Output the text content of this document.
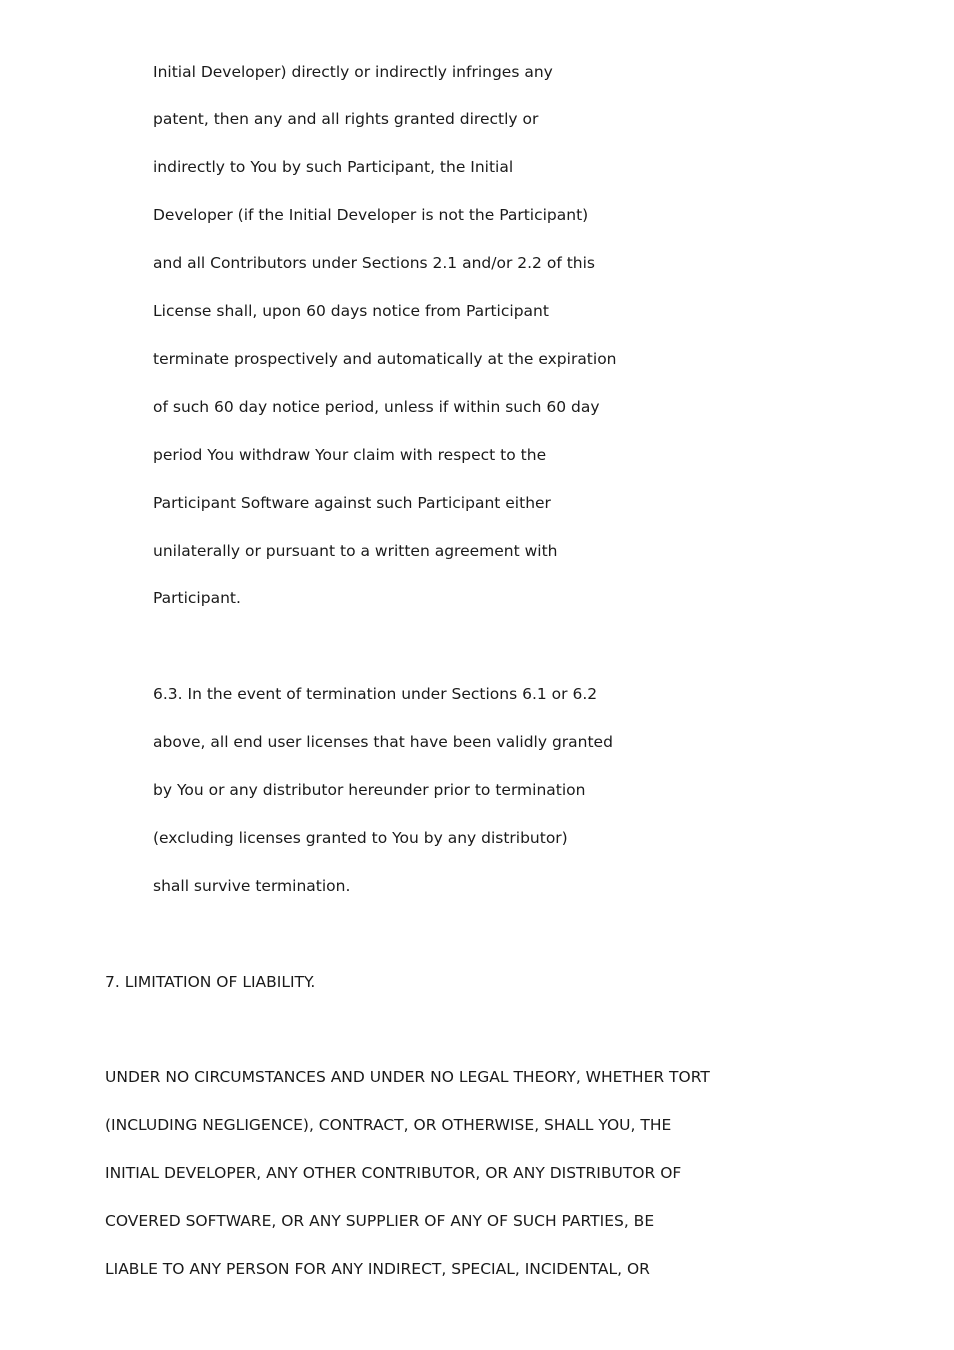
Initial Developer) directly or indirectly infringes any
patent, then any and all rights granted directly or
indirectly to You by such Participant, the Initial
Developer (if the Initial Developer is not the Participant)
and all Contributors under Sections 2.1 and/or 2.2 of this
License shall, upon 60 days notice from Participant
terminate prospectively and automatically at the expiration
of such 60 day notice period, unless if within such 60 day
period You withdraw Your claim with respect to the
Participant Software against such Participant either
unilaterally or pursuant to a written agreement with
Participant.
6.3. In the event of termination under Sections 6.1 or 6.2
above, all end user licenses that have been validly granted
by You or any distributor hereunder prior to termination
(excluding licenses granted to You by any distributor)
shall survive termination.
7. LIMITATION OF LIABILITY.
UNDER NO CIRCUMSTANCES AND UNDER NO LEGAL THEORY, WHETHER TORT
(INCLUDING NEGLIGENCE), CONTRACT, OR OTHERWISE, SHALL YOU, THE
INITIAL DEVELOPER, ANY OTHER CONTRIBUTOR, OR ANY DISTRIBUTOR OF
COVERED SOFTWARE, OR ANY SUPPLIER OF ANY OF SUCH PARTIES, BE
LIABLE TO ANY PERSON FOR ANY INDIRECT, SPECIAL, INCIDENTAL, OR
